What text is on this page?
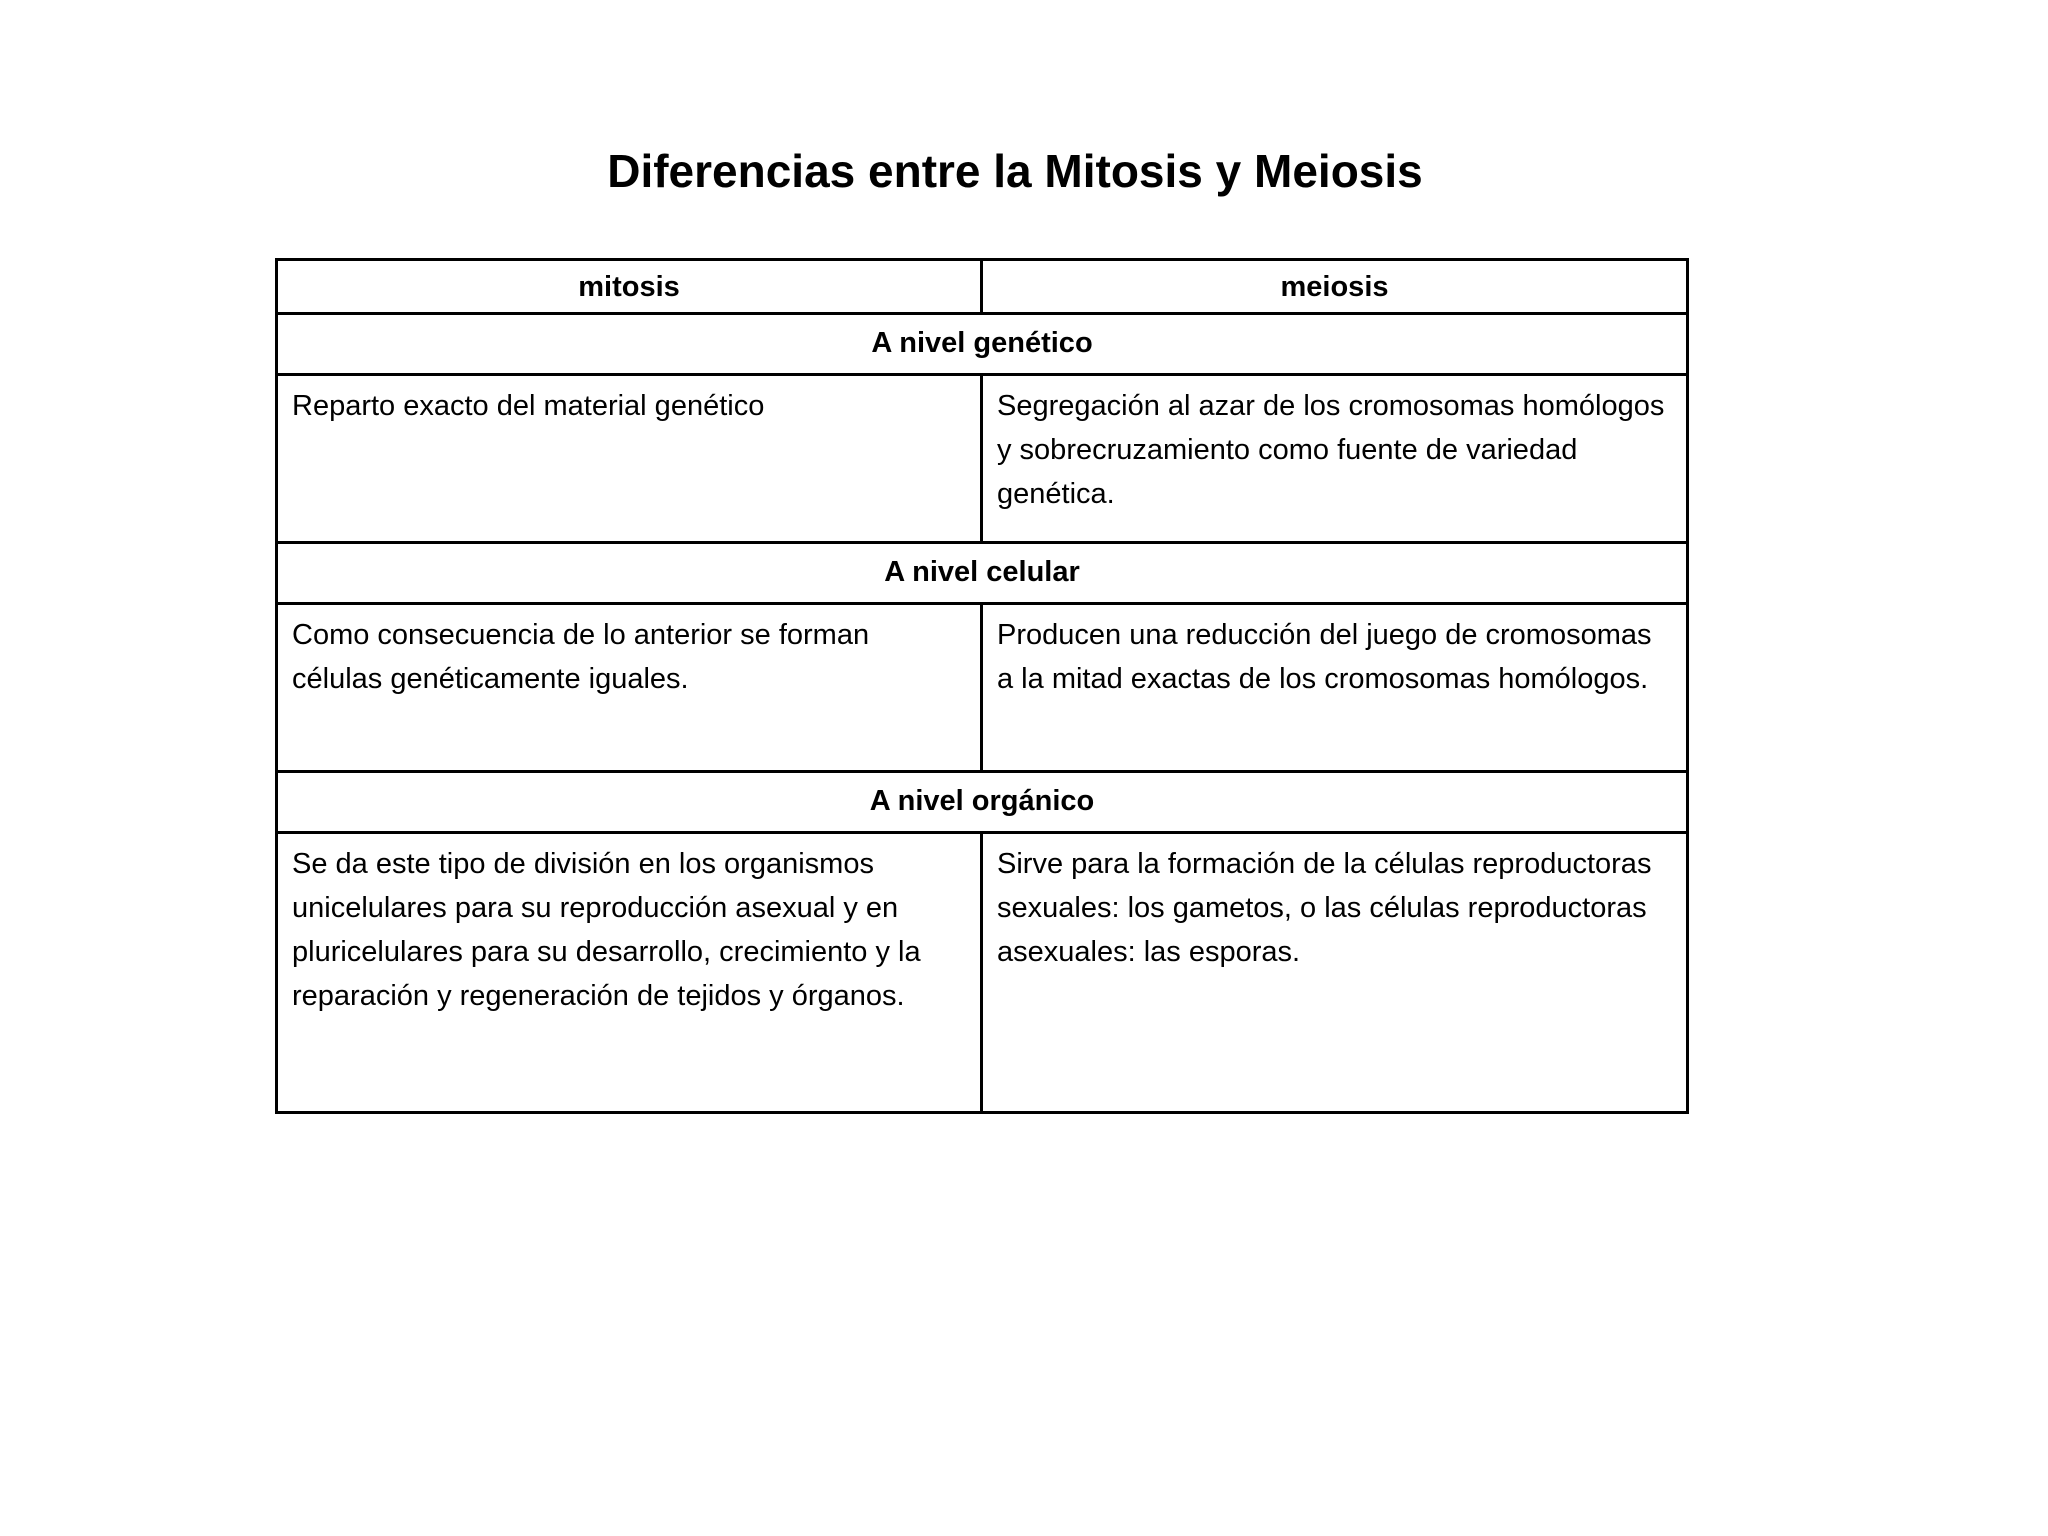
Diferencias entre la Mitosis y Meiosis
mitosis	meiosis
A nivel genético	
Reparto exacto del material genético	Segregación al azar de los cromosomas homólogos y sobrecruzamiento como fuente de variedad genética.
A nivel celular	
Como consecuencia de lo anterior se forman células genéticamente iguales.	Producen una reducción del juego de cromosomas a la mitad exactas de los cromosomas homólogos.
A nivel orgánico	
Se da este tipo de división en los organismos unicelulares para su reproducción asexual y en pluricelulares para su desarrollo, crecimiento y la reparación y regeneración de tejidos y órganos.	Sirve para la formación de la células reproductoras sexuales: los gametos, o las células reproductoras asexuales: las esporas.
